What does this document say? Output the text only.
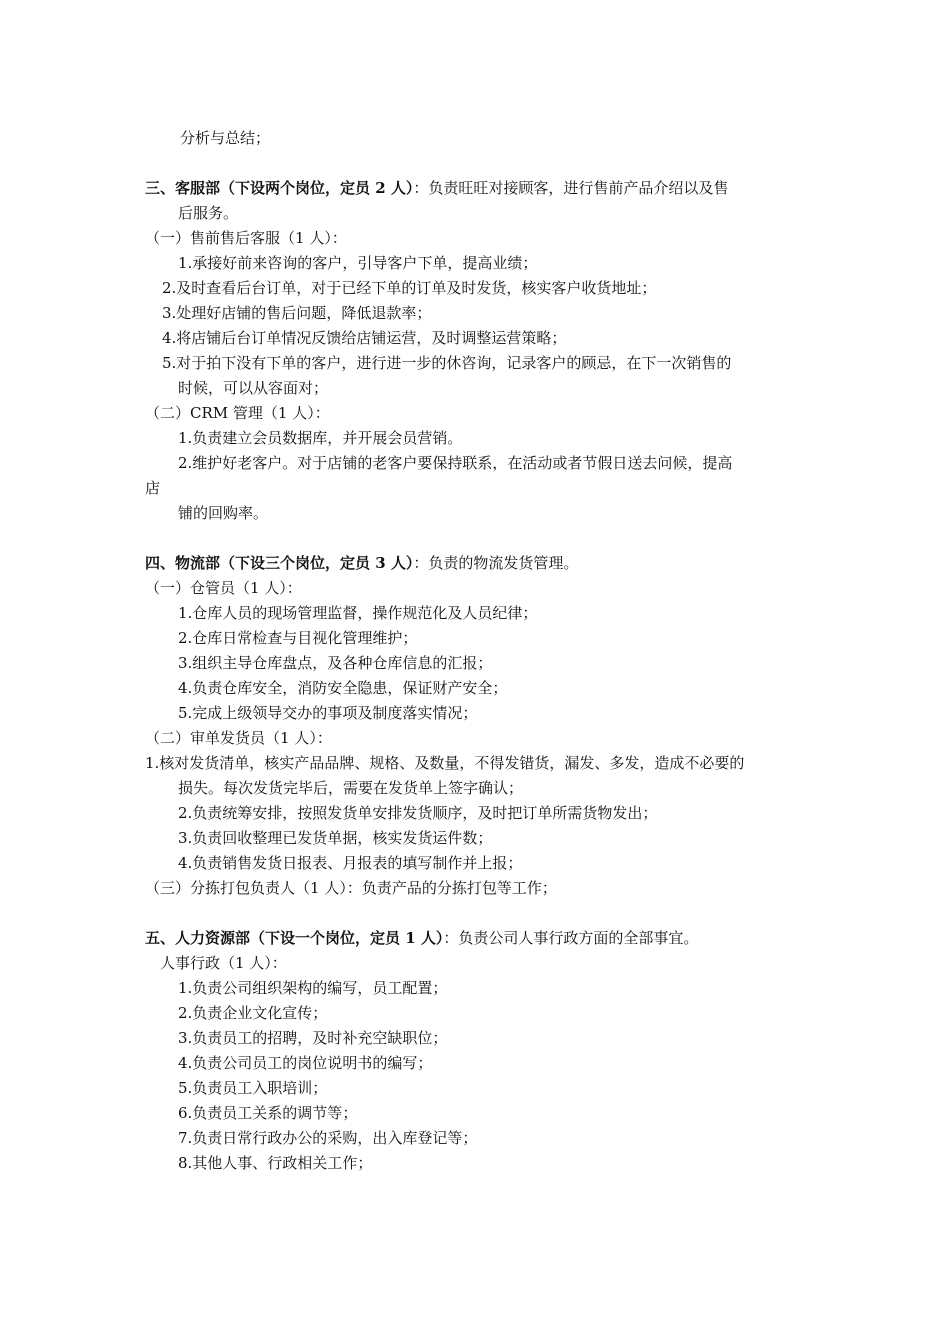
分析与总结；
三、客服部（下设两个岗位，定员 2 人）：负责旺旺对接顾客，进行售前产品介绍以及售
后服务。
（一）售前售后客服（1 人）：
1.承接好前来咨询的客户，引导客户下单，提高业绩；
2.及时查看后台订单，对于已经下单的订单及时发货，核实客户收货地址；
3.处理好店铺的售后问题，降低退款率；
4.将店铺后台订单情况反馈给店铺运营，及时调整运营策略；
5.对于拍下没有下单的客户，进行进一步的休咨询，记录客户的顾忌，在下一次销售的
时候，可以从容面对；
（二）CRM 管理（1 人）：
1.负责建立会员数据库，并开展会员营销。
2.维护好老客户。对于店铺的老客户要保持联系，在活动或者节假日送去问候，提高
店
铺的回购率。
四、物流部（下设三个岗位，定员 3 人）：负责的物流发货管理。
（一）仓管员（1 人）：
1.仓库人员的现场管理监督，操作规范化及人员纪律；
2.仓库日常检查与目视化管理维护；
3.组织主导仓库盘点，及各种仓库信息的汇报；
4.负责仓库安全，消防安全隐患，保证财产安全；
5.完成上级领导交办的事项及制度落实情况；
（二）审单发货员（1 人）：
1.核对发货清单，核实产品品牌、规格、及数量，不得发错货，漏发、多发，造成不必要的
损失。每次发货完毕后，需要在发货单上签字确认；
2.负责统筹安排，按照发货单安排发货顺序，及时把订单所需货物发出；
3.负责回收整理已发货单据，核实发货运件数；
4.负责销售发货日报表、月报表的填写制作并上报；
（三）分拣打包负责人（1 人）：负责产品的分拣打包等工作；
五、人力资源部（下设一个岗位，定员 1 人）：负责公司人事行政方面的全部事宜。
人事行政（1 人）：
1.负责公司组织架构的编写，员工配置；
2.负责企业文化宣传；
3.负责员工的招聘，及时补充空缺职位；
4.负责公司员工的岗位说明书的编写；
5.负责员工入职培训；
6.负责员工关系的调节等；
7.负责日常行政办公的采购，出入库登记等；
8.其他人事、行政相关工作；
